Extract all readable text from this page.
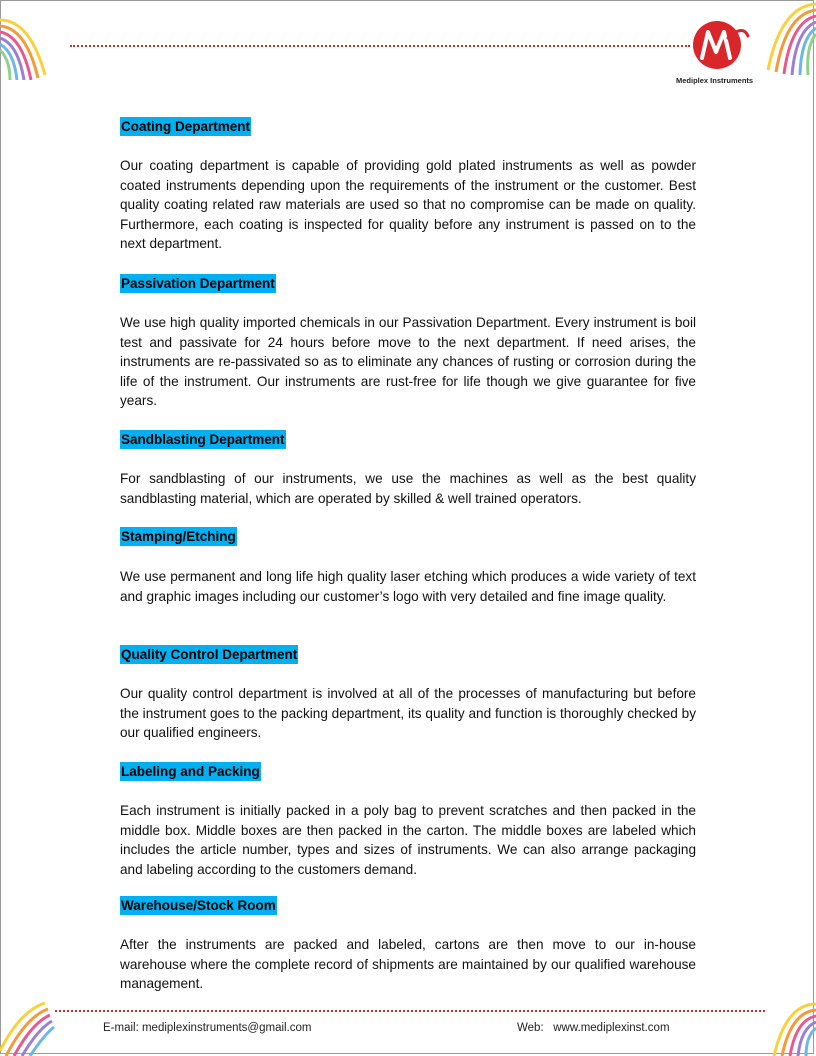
Mediplex Instruments
Coating Department

Our coating department is capable of providing gold plated instruments as well as powder coated instruments depending upon the requirements of the instrument or the customer. Best quality coating related raw materials are used so that no compromise can be made on quality. Furthermore, each coating is inspected for quality before any instrument is passed on to the next department.

Passivation Department

We use high quality imported chemicals in our Passivation Department. Every instrument is boil test and passivate for 24 hours before move to the next department. If need arises, the instruments are re-passivated so as to eliminate any chances of rusting or corrosion during the life of the instrument. Our instruments are rust-free for life though we give guarantee for five years.

Sandblasting Department

For sandblasting of our instruments, we use the machines as well as the best quality sandblasting material, which are operated by skilled & well trained operators.

Stamping/Etching

We use permanent and long life high quality laser etching which produces a wide variety of text and graphic images including our customer’s logo with very detailed and fine image quality.

Quality Control Department

Our quality control department is involved at all of the processes of manufacturing but before the instrument goes to the packing department, its quality and function is thoroughly checked by our qualified engineers.

Labeling and Packing

Each instrument is initially packed in a poly bag to prevent scratches and then packed in the middle box. Middle boxes are then packed in the carton. The middle boxes are labeled which includes the article number, types and sizes of instruments. We can also arrange packaging and labeling according to the customers demand.

Warehouse/Stock Room

After the instruments are packed and labeled, cartons are then move to our in-house warehouse where the complete record of shipments are maintained by our qualified warehouse management.

E-mail: mediplexinstruments@gmail.com	Web:   www.mediplexinst.com
